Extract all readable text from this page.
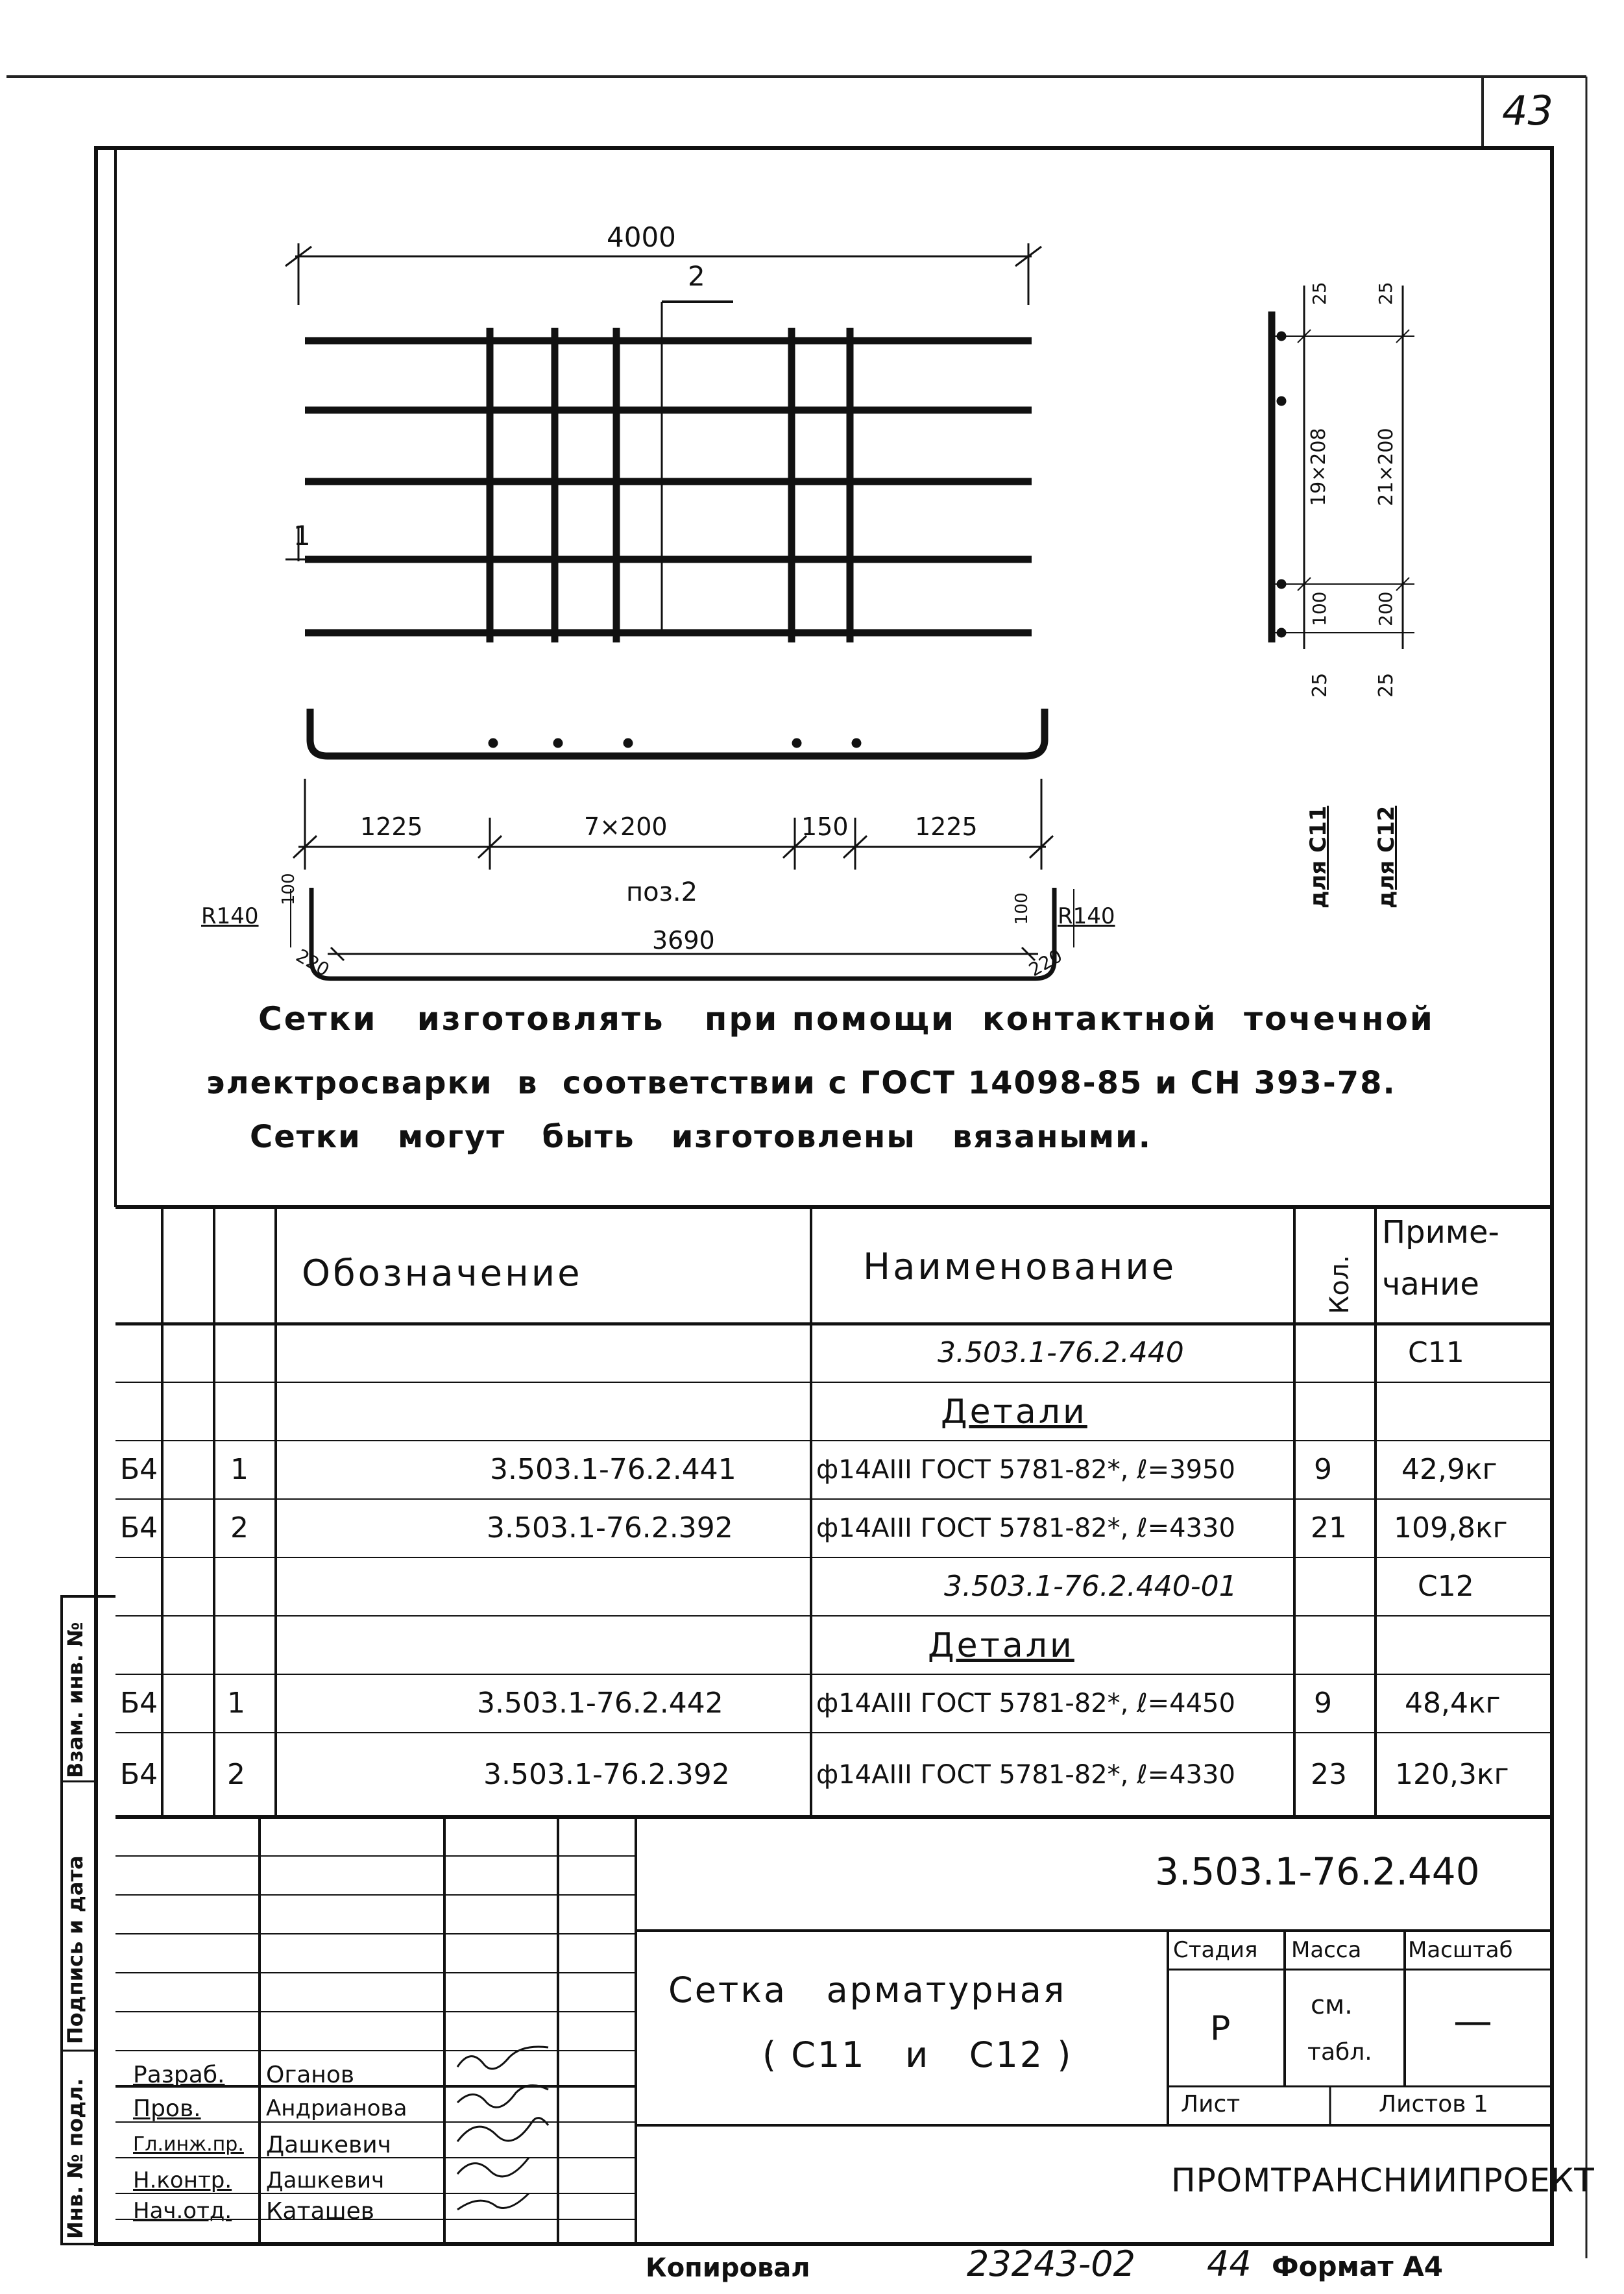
43
4000
2
1
1225	7×200	150	1225
поз.2
R140	R140
100
100
3690
220	220
25 25
19×208 21×200
100 200
25 25
для С11 для С12
Сетки   изготовлять   при помощи  контактной  точечной
электросварки  в  соответствии с ГОСТ 14098-85 и СН 393-78.
Сетки   могут   быть   изготовлены   вязаными.
Обозначение	Наименование	Кол.
Приме-
чание
3.503.1-76.2.440	С11
Детали
Б4	1	3.503.1-76.2.441	ф14АIII ГОСТ 5781-82*, ℓ=3950	9 42,9кг
Б4	2	3.503.1-76.2.392	ф14АIII ГОСТ 5781-82*, ℓ=4330	21 109,8кг
3.503.1-76.2.440-01	С12
Детали
Б4 1	3.503.1-76.2.442	ф14АIII ГОСТ 5781-82*, ℓ=4450	9	48,4кг
Б4 2	3.503.1-76.2.392	ф14АIII ГОСТ 5781-82*, ℓ=4330	23 120,3кг
3.503.1-76.2.440
Сетка   арматурная
( С11   и   С12 )
Стадия Масса Масштаб
Р
см.
табл.
—
Лист	Листов 1
ПРОМТРАНСНИИПРОЕКТ
Разраб. Оганов
Пров.	Андрианова
Гл.инж.пр. Дашкевич
Н.контр. Дашкевич
Нач.отд. Каташев
Инв. № подл.
Подпись и дата
Взам. инв. №
Копировал	23243-02 44 Формат А4
